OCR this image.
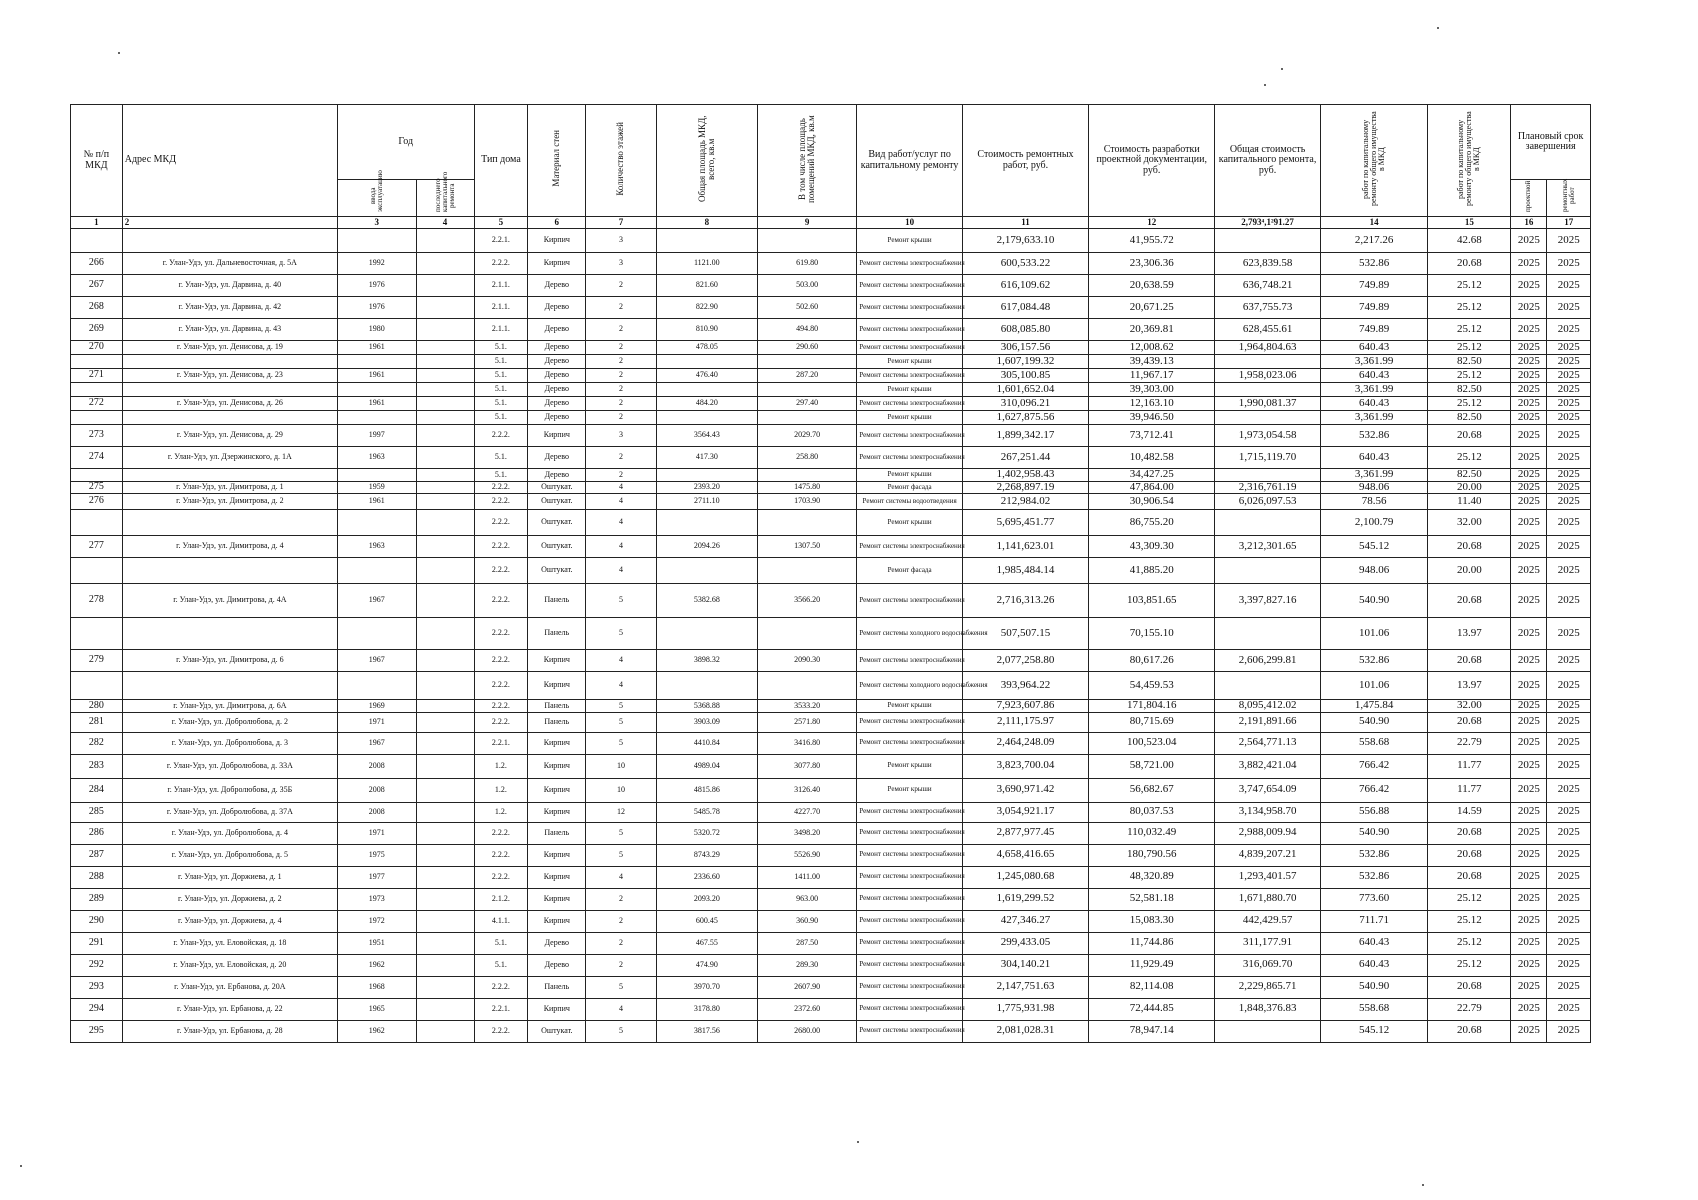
№ п/п МКД	Адрес МКД	Год		Тип дома	Материал стен	Количество этажей	Общая площадь МКД, всего, кв.м	В том числе площадь помещений МКД, кв.м	Вид работ/услуг по капитальному ремонту	Стоимость ремонтных работ, руб.	Стоимость разработки проектной документации, руб.	Общая стоимость капитального ремонта, руб.	работ по капитальному ремонту общего имущества в МКД	работ по капитальному ремонту общего имущества в МКД	Плановый срок завершения	
		ввода эксплуатацию	последнего капитального ремонта												проектной	ремонтных работ
1	2	3	4	5	6	7	8	9	10	11	12	2,793⁴,1²91.27	14	15	16	17
				2.2.1.	Кирпич	3			Ремонт крыши	2,179,633.10	41,955.72		2,217.26	42.68	2025	2025
266	г. Улан-Удэ, ул. Дальневосточная, д. 5А	1992		2.2.2.	Кирпич	3	1121.00	619.80	Ремонт системы электроснабжения	600,533.22	23,306.36	623,839.58	532.86	20.68	2025	2025
267	г. Улан-Удэ, ул. Дарвина, д. 40	1976		2.1.1.	Дерево	2	821.60	503.00	Ремонт системы электроснабжения	616,109.62	20,638.59	636,748.21	749.89	25.12	2025	2025
268	г. Улан-Удэ, ул. Дарвина, д. 42	1976		2.1.1.	Дерево	2	822.90	502.60	Ремонт системы электроснабжения	617,084.48	20,671.25	637,755.73	749.89	25.12	2025	2025
269	г. Улан-Удэ, ул. Дарвина, д. 43	1980		2.1.1.	Дерево	2	810.90	494.80	Ремонт системы электроснабжения	608,085.80	20,369.81	628,455.61	749.89	25.12	2025	2025
270	г. Улан-Удэ, ул. Денисова, д. 19	1961		5.1.	Дерево	2	478.05	290.60	Ремонт системы электроснабжения	306,157.56	12,008.62	1,964,804.63	640.43	25.12	2025	2025
				5.1.	Дерево	2			Ремонт крыши	1,607,199.32	39,439.13		3,361.99	82.50	2025	2025
271	г. Улан-Удэ, ул. Денисова, д. 23	1961		5.1.	Дерево	2	476.40	287.20	Ремонт системы электроснабжения	305,100.85	11,967.17	1,958,023.06	640.43	25.12	2025	2025
				5.1.	Дерево	2			Ремонт крыши	1,601,652.04	39,303.00		3,361.99	82.50	2025	2025
272	г. Улан-Удэ, ул. Денисова, д. 26	1961		5.1.	Дерево	2	484.20	297.40	Ремонт системы электроснабжения	310,096.21	12,163.10	1,990,081.37	640.43	25.12	2025	2025
				5.1.	Дерево	2			Ремонт крыши	1,627,875.56	39,946.50		3,361.99	82.50	2025	2025
273	г. Улан-Удэ, ул. Денисова, д. 29	1997		2.2.2.	Кирпич	3	3564.43	2029.70	Ремонт системы электроснабжения	1,899,342.17	73,712.41	1,973,054.58	532.86	20.68	2025	2025
274	г. Улан-Удэ, ул. Дзержинского, д. 1А	1963		5.1.	Дерево	2	417.30	258.80	Ремонт системы электроснабжения	267,251.44	10,482.58	1,715,119.70	640.43	25.12	2025	2025
				5.1.	Дерево	2			Ремонт крыши	1,402,958.43	34,427.25		3,361.99	82.50	2025	2025
275	г. Улан-Удэ, ул. Димитрова, д. 1	1959		2.2.2.	Оштукат.	4	2393.20	1475.80	Ремонт фасада	2,268,897.19	47,864.00	2,316,761.19	948.06	20.00	2025	2025
276	г. Улан-Удэ, ул. Димитрова, д. 2	1961		2.2.2.	Оштукат.	4	2711.10	1703.90	Ремонт системы водоотведения	212,984.02	30,906.54	6,026,097.53	78.56	11.40	2025	2025
				2.2.2.	Оштукат.	4			Ремонт крыши	5,695,451.77	86,755.20		2,100.79	32.00	2025	2025
277	г. Улан-Удэ, ул. Димитрова, д. 4	1963		2.2.2.	Оштукат.	4	2094.26	1307.50	Ремонт системы электроснабжения	1,141,623.01	43,309.30	3,212,301.65	545.12	20.68	2025	2025
				2.2.2.	Оштукат.	4			Ремонт фасада	1,985,484.14	41,885.20		948.06	20.00	2025	2025
278	г. Улан-Удэ, ул. Димитрова, д. 4А	1967		2.2.2.	Панель	5	5382.68	3566.20	Ремонт системы электроснабжения	2,716,313.26	103,851.65	3,397,827.16	540.90	20.68	2025	2025
				2.2.2.	Панель	5			Ремонт системы холодного водоснабжения	507,507.15	70,155.10		101.06	13.97	2025	2025
279	г. Улан-Удэ, ул. Димитрова, д. 6	1967		2.2.2.	Кирпич	4	3898.32	2090.30	Ремонт системы электроснабжения	2,077,258.80	80,617.26	2,606,299.81	532.86	20.68	2025	2025
				2.2.2.	Кирпич	4			Ремонт системы холодного водоснабжения	393,964.22	54,459.53		101.06	13.97	2025	2025
280	г. Улан-Удэ, ул. Димитрова, д. 6А	1969		2.2.2.	Панель	5	5368.88	3533.20	Ремонт крыши	7,923,607.86	171,804.16	8,095,412.02	1,475.84	32.00	2025	2025
281	г. Улан-Удэ, ул. Добролюбова, д. 2	1971		2.2.2.	Панель	5	3903.09	2571.80	Ремонт системы электроснабжения	2,111,175.97	80,715.69	2,191,891.66	540.90	20.68	2025	2025
282	г. Улан-Удэ, ул. Добролюбова, д. 3	1967		2.2.1.	Кирпич	5	4410.84	3416.80	Ремонт системы электроснабжения	2,464,248.09	100,523.04	2,564,771.13	558.68	22.79	2025	2025
283	г. Улан-Удэ, ул. Добролюбова, д. 33А	2008		1.2.	Кирпич	10	4989.04	3077.80	Ремонт крыши	3,823,700.04	58,721.00	3,882,421.04	766.42	11.77	2025	2025
284	г. Улан-Удэ, ул. Добролюбова, д. 35Б	2008		1.2.	Кирпич	10	4815.86	3126.40	Ремонт крыши	3,690,971.42	56,682.67	3,747,654.09	766.42	11.77	2025	2025
285	г. Улан-Удэ, ул. Добролюбова, д. 37А	2008		1.2.	Кирпич	12	5485.78	4227.70	Ремонт системы электроснабжения	3,054,921.17	80,037.53	3,134,958.70	556.88	14.59	2025	2025
286	г. Улан-Удэ, ул. Добролюбова, д. 4	1971		2.2.2.	Панель	5	5320.72	3498.20	Ремонт системы электроснабжения	2,877,977.45	110,032.49	2,988,009.94	540.90	20.68	2025	2025
287	г. Улан-Удэ, ул. Добролюбова, д. 5	1975		2.2.2.	Кирпич	5	8743.29	5526.90	Ремонт системы электроснабжения	4,658,416.65	180,790.56	4,839,207.21	532.86	20.68	2025	2025
288	г. Улан-Удэ, ул. Доржиева, д. 1	1977		2.2.2.	Кирпич	4	2336.60	1411.00	Ремонт системы электроснабжения	1,245,080.68	48,320.89	1,293,401.57	532.86	20.68	2025	2025
289	г. Улан-Удэ, ул. Доржиева, д. 2	1973		2.1.2.	Кирпич	2	2093.20	963.00	Ремонт системы электроснабжения	1,619,299.52	52,581.18	1,671,880.70	773.60	25.12	2025	2025
290	г. Улан-Удэ, ул. Доржиева, д. 4	1972		4.1.1.	Кирпич	2	600.45	360.90	Ремонт системы электроснабжения	427,346.27	15,083.30	442,429.57	711.71	25.12	2025	2025
291	г. Улан-Удэ, ул. Еловойская, д. 18	1951		5.1.	Дерево	2	467.55	287.50	Ремонт системы электроснабжения	299,433.05	11,744.86	311,177.91	640.43	25.12	2025	2025
292	г. Улан-Удэ, ул. Еловойская, д. 20	1962		5.1.	Дерево	2	474.90	289.30	Ремонт системы электроснабжения	304,140.21	11,929.49	316,069.70	640.43	25.12	2025	2025
293	г. Улан-Удэ, ул. Ербанова, д. 20А	1968		2.2.2.	Панель	5	3970.70	2607.90	Ремонт системы электроснабжения	2,147,751.63	82,114.08	2,229,865.71	540.90	20.68	2025	2025
294	г. Улан-Удэ, ул. Ербанова, д. 22	1965		2.2.1.	Кирпич	4	3178.80	2372.60	Ремонт системы электроснабжения	1,775,931.98	72,444.85	1,848,376.83	558.68	22.79	2025	2025
295	г. Улан-Удэ, ул. Ербанова, д. 28	1962		2.2.2.	Оштукат.	5	3817.56	2680.00	Ремонт системы электроснабжения	2,081,028.31	78,947.14		545.12	20.68	2025	2025
